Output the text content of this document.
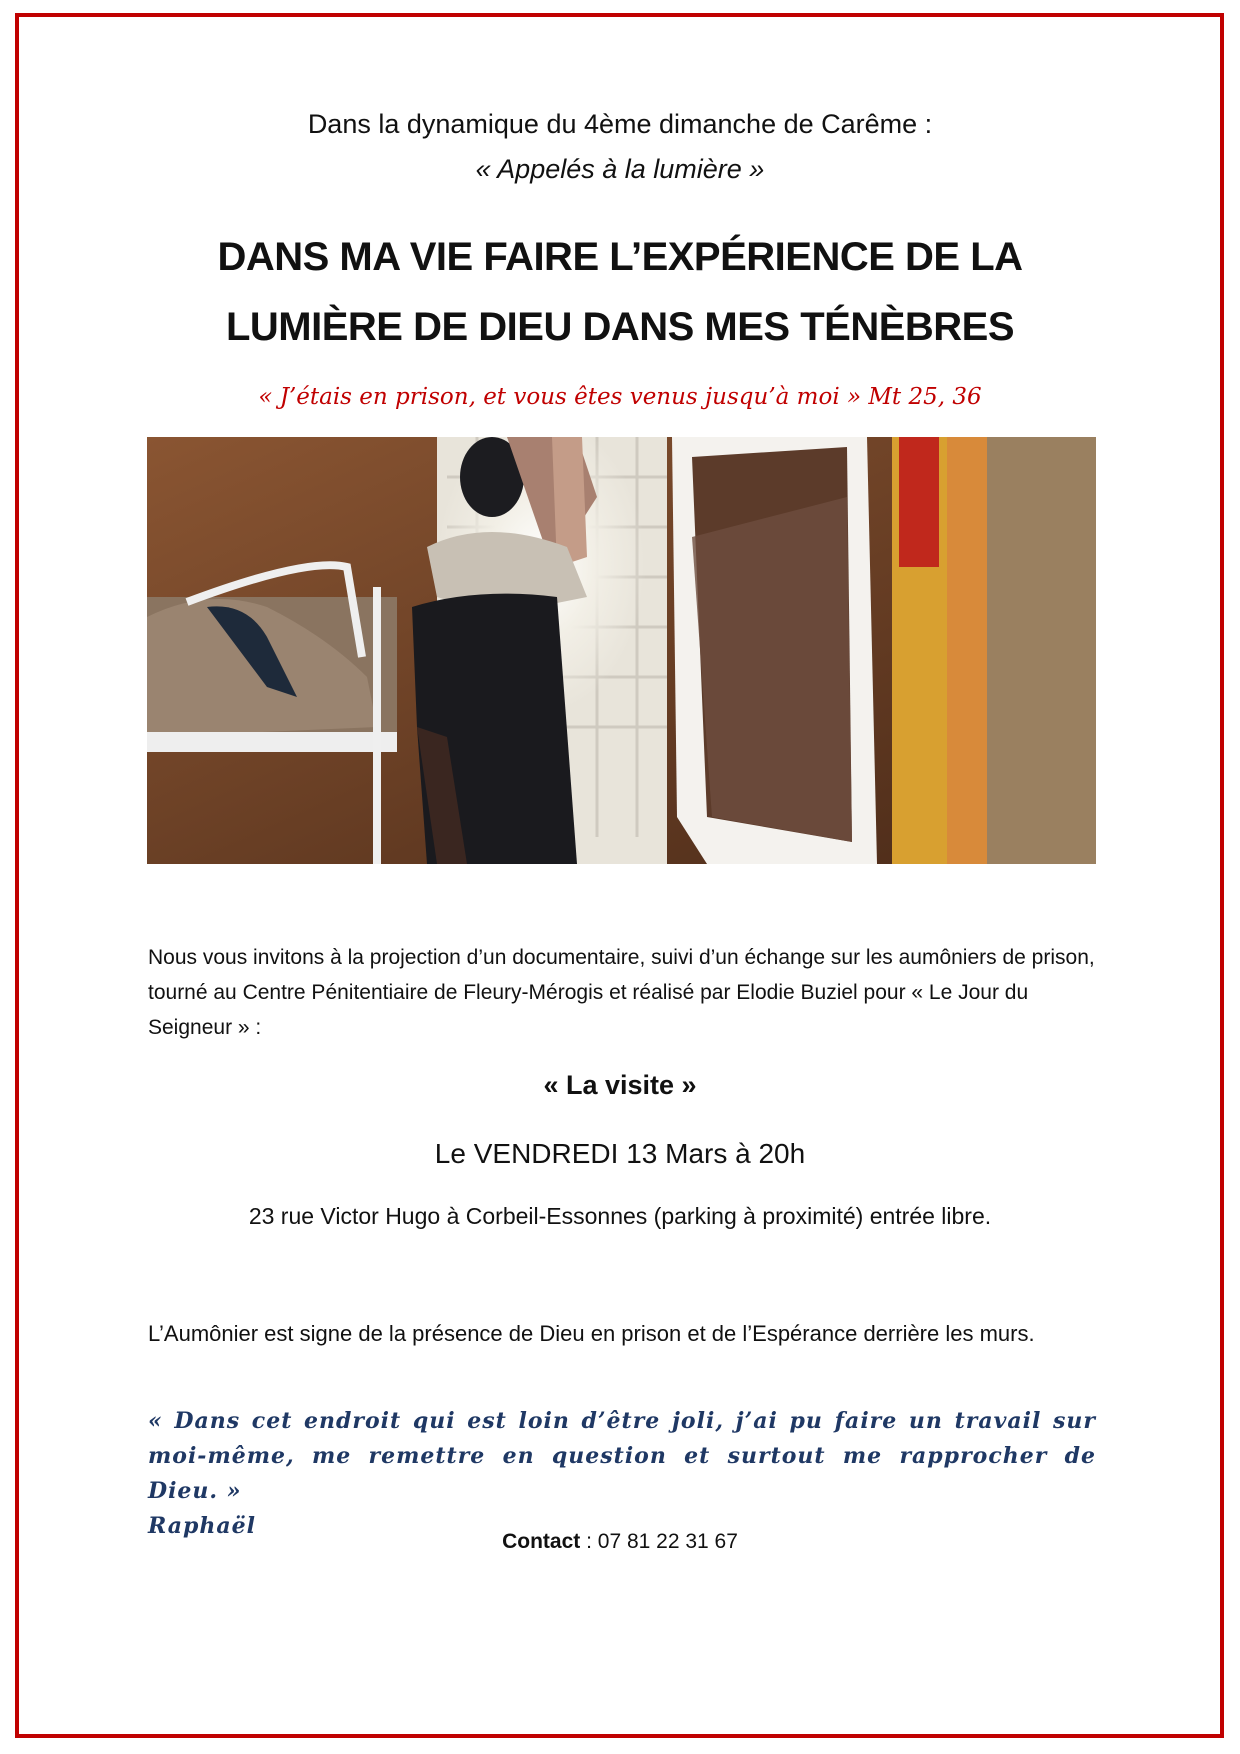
Dans la dynamique du 4ème dimanche de Carême :
« Appelés à la lumière »
DANS MA VIE FAIRE L’EXPÉRIENCE DE LA
LUMIÈRE DE DIEU DANS MES TÉNÈBRES
« J’étais en prison, et vous êtes venus jusqu’à moi » Mt 25, 36
Nous vous invitons à la projection d’un documentaire, suivi d’un échange sur les aumôniers de prison, tourné au Centre Pénitentiaire de Fleury-Mérogis et réalisé par Elodie Buziel pour « Le Jour du Seigneur » :
« La visite »
Le VENDREDI 13 Mars à 20h
23 rue Victor Hugo à Corbeil-Essonnes (parking à proximité) entrée libre.
L’Aumônier est signe de la présence de Dieu en prison et de l’Espérance derrière les murs.
« Dans cet endroit qui est loin d’être joli, j’ai pu faire un travail sur moi-même, me remettre en question et surtout me rapprocher de Dieu. »
Raphaël
Contact : 07 81 22 31 67
